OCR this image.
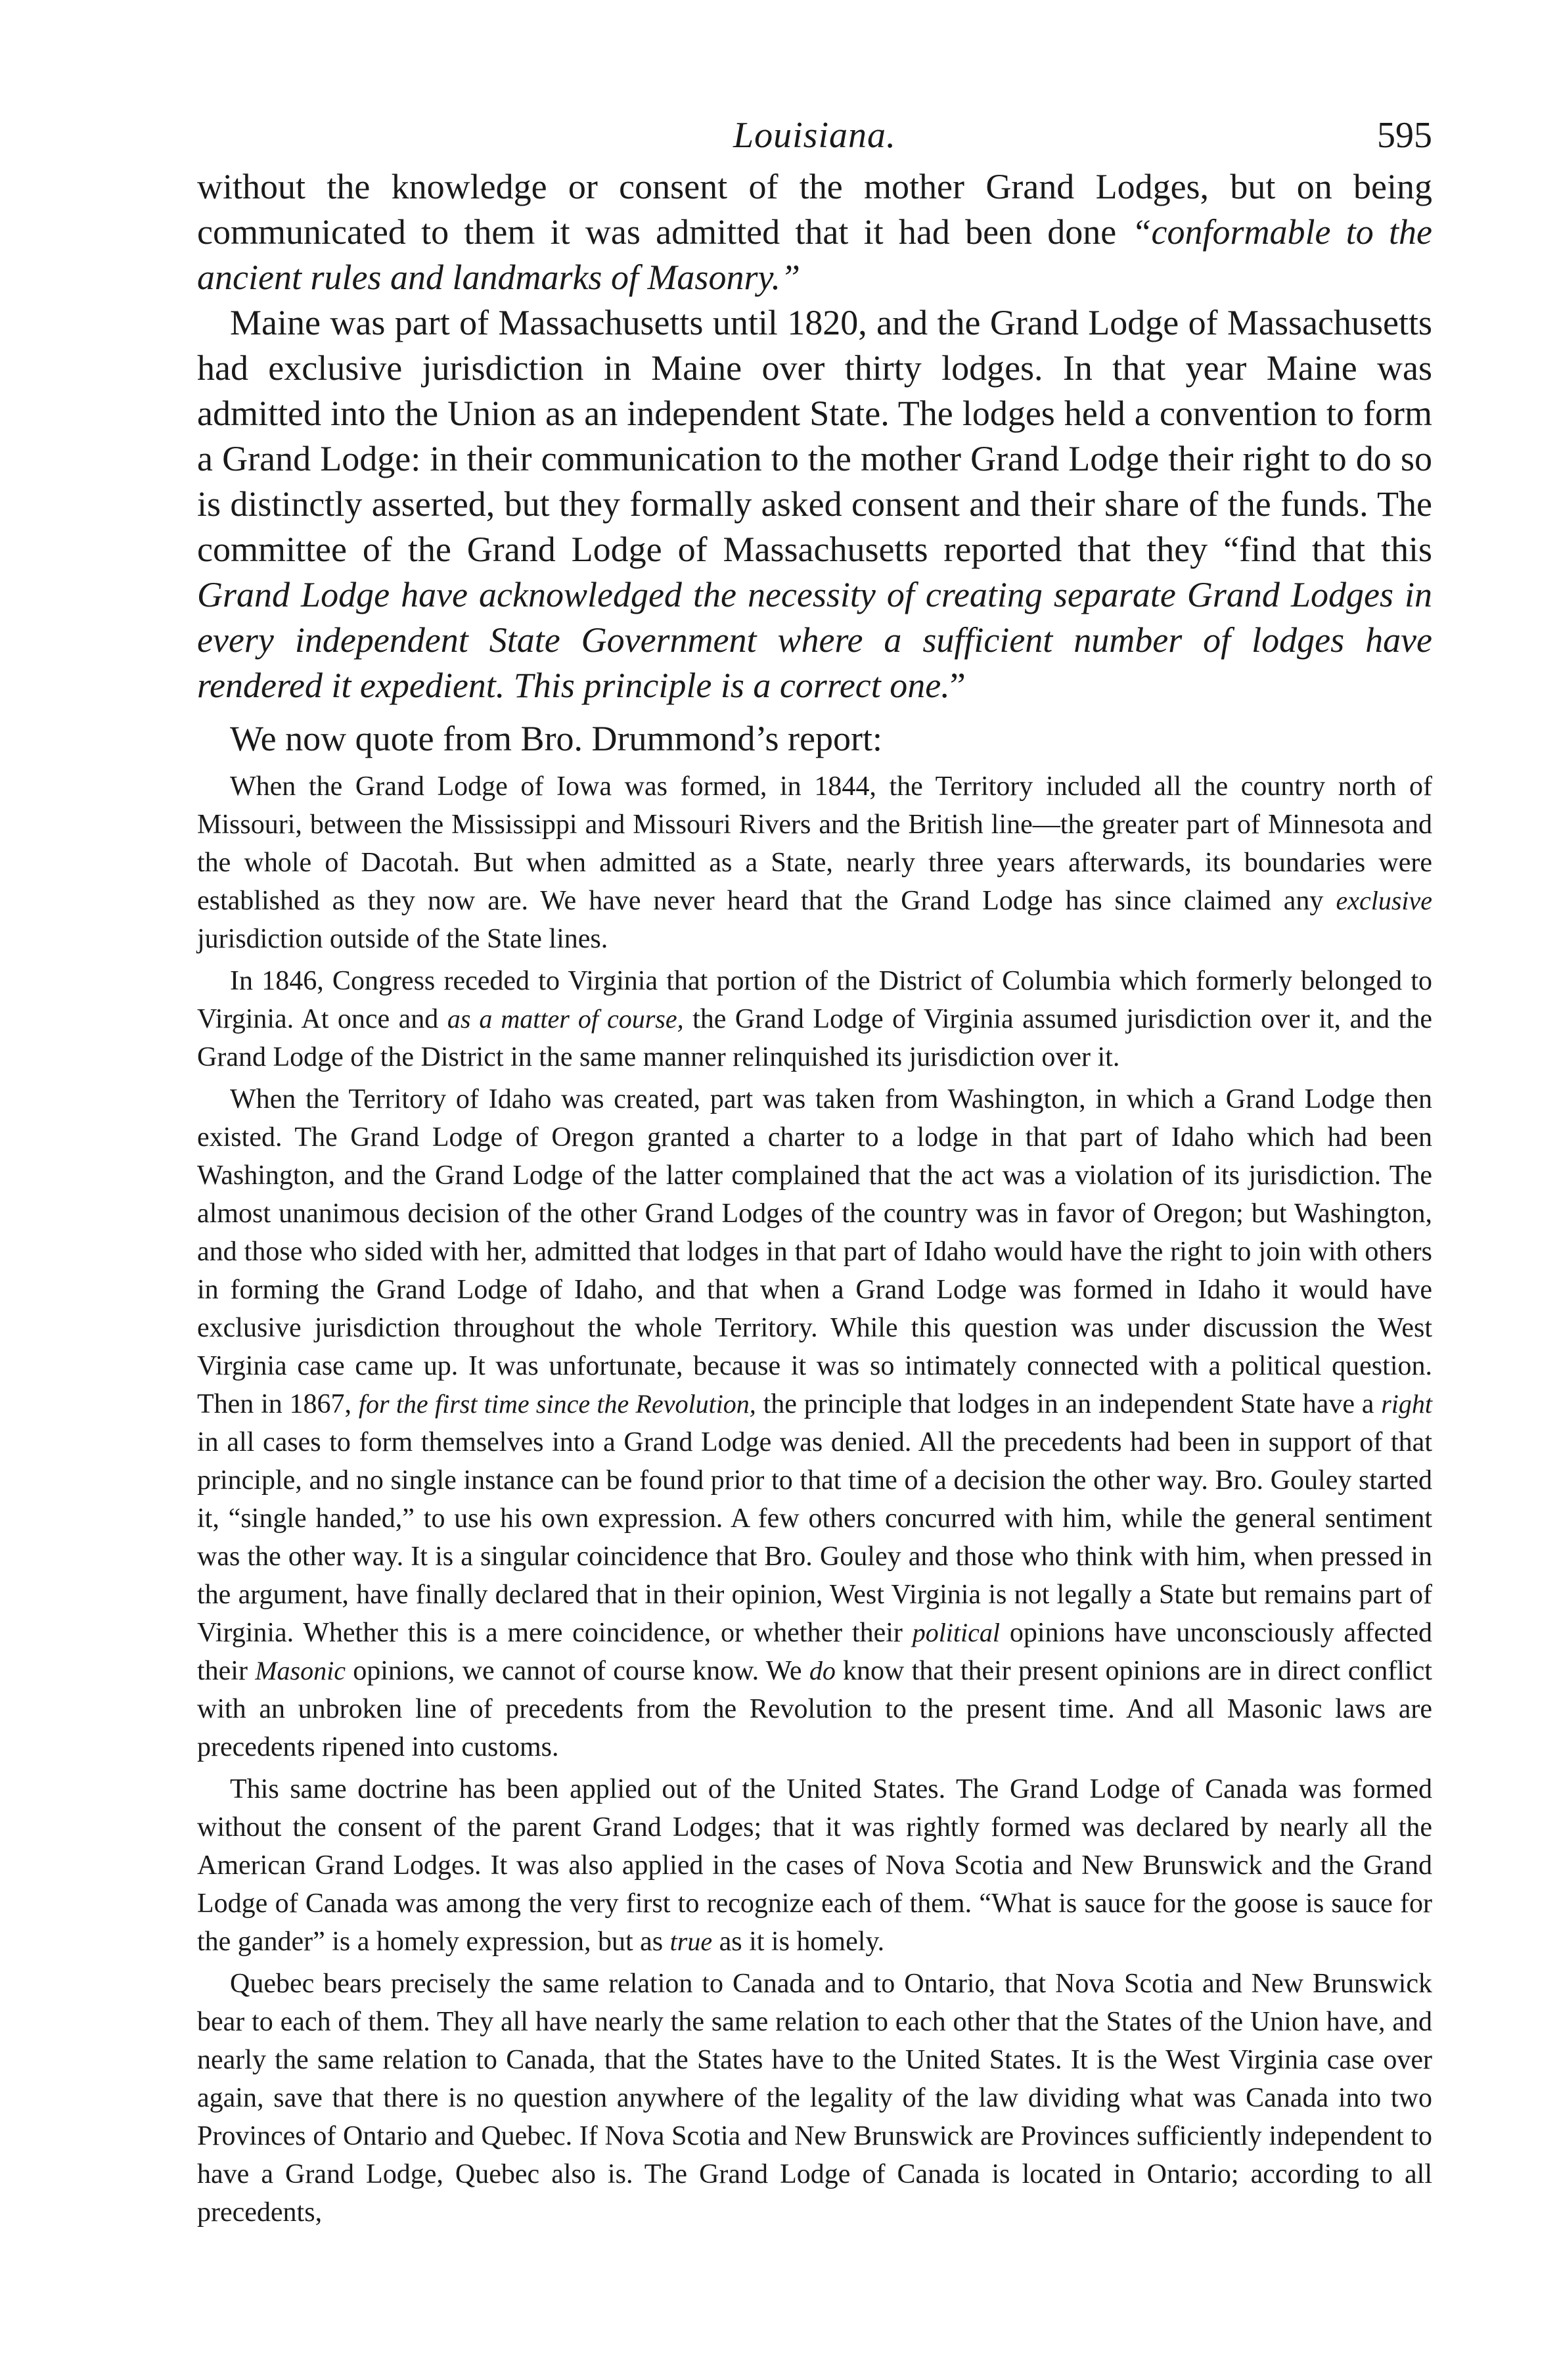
Louisiana.	595

without the knowledge or consent of the mother Grand Lodges, but on being communicated to them it was admitted that it had been done “conformable to the ancient rules and landmarks of Masonry.”

Maine was part of Massachusetts until 1820, and the Grand Lodge of Massachusetts had exclusive jurisdiction in Maine over thirty lodges. In that year Maine was admitted into the Union as an independent State. The lodges held a convention to form a Grand Lodge: in their communication to the mother Grand Lodge their right to do so is distinctly asserted, but they formally asked consent and their share of the funds. The committee of the Grand Lodge of Massachusetts reported that they “find that this Grand Lodge have acknowledged the necessity of creating separate Grand Lodges in every independent State Government where a sufficient number of lodges have rendered it expedient. This principle is a correct one.”

We now quote from Bro. Drummond’s report:

When the Grand Lodge of Iowa was formed, in 1844, the Territory included all the country north of Missouri, between the Mississippi and Missouri Rivers and the British line—the greater part of Minnesota and the whole of Dacotah. But when admitted as a State, nearly three years afterwards, its boundaries were established as they now are. We have never heard that the Grand Lodge has since claimed any exclusive jurisdiction outside of the State lines.

In 1846, Congress receded to Virginia that portion of the District of Columbia which formerly belonged to Virginia. At once and as a matter of course, the Grand Lodge of Virginia assumed jurisdiction over it, and the Grand Lodge of the District in the same manner relinquished its jurisdiction over it.

When the Territory of Idaho was created, part was taken from Washington, in which a Grand Lodge then existed. The Grand Lodge of Oregon granted a charter to a lodge in that part of Idaho which had been Washington, and the Grand Lodge of the latter complained that the act was a violation of its jurisdiction. The almost unanimous decision of the other Grand Lodges of the country was in favor of Oregon; but Washington, and those who sided with her, admitted that lodges in that part of Idaho would have the right to join with others in forming the Grand Lodge of Idaho, and that when a Grand Lodge was formed in Idaho it would have exclusive jurisdiction throughout the whole Territory. While this question was under discussion the West Virginia case came up. It was unfortunate, because it was so intimately connected with a political question. Then in 1867, for the first time since the Revolution, the principle that lodges in an independent State have a right in all cases to form themselves into a Grand Lodge was denied. All the precedents had been in support of that principle, and no single instance can be found prior to that time of a decision the other way. Bro. Gouley started it, “single handed,” to use his own expression. A few others concurred with him, while the general sentiment was the other way. It is a singular coincidence that Bro. Gouley and those who think with him, when pressed in the argument, have finally declared that in their opinion, West Virginia is not legally a State but remains part of Virginia. Whether this is a mere coincidence, or whether their political opinions have unconsciously affected their Masonic opinions, we cannot of course know. We do know that their present opinions are in direct conflict with an unbroken line of precedents from the Revolution to the present time. And all Masonic laws are precedents ripened into customs.

This same doctrine has been applied out of the United States. The Grand Lodge of Canada was formed without the consent of the parent Grand Lodges; that it was rightly formed was declared by nearly all the American Grand Lodges. It was also applied in the cases of Nova Scotia and New Brunswick and the Grand Lodge of Canada was among the very first to recognize each of them. “What is sauce for the goose is sauce for the gander” is a homely expression, but as true as it is homely.

Quebec bears precisely the same relation to Canada and to Ontario, that Nova Scotia and New Brunswick bear to each of them. They all have nearly the same relation to each other that the States of the Union have, and nearly the same relation to Canada, that the States have to the United States. It is the West Virginia case over again, save that there is no question anywhere of the legality of the law dividing what was Canada into two Provinces of Ontario and Quebec. If Nova Scotia and New Brunswick are Provinces sufficiently independent to have a Grand Lodge, Quebec also is. The Grand Lodge of Canada is located in Ontario; according to all precedents,
